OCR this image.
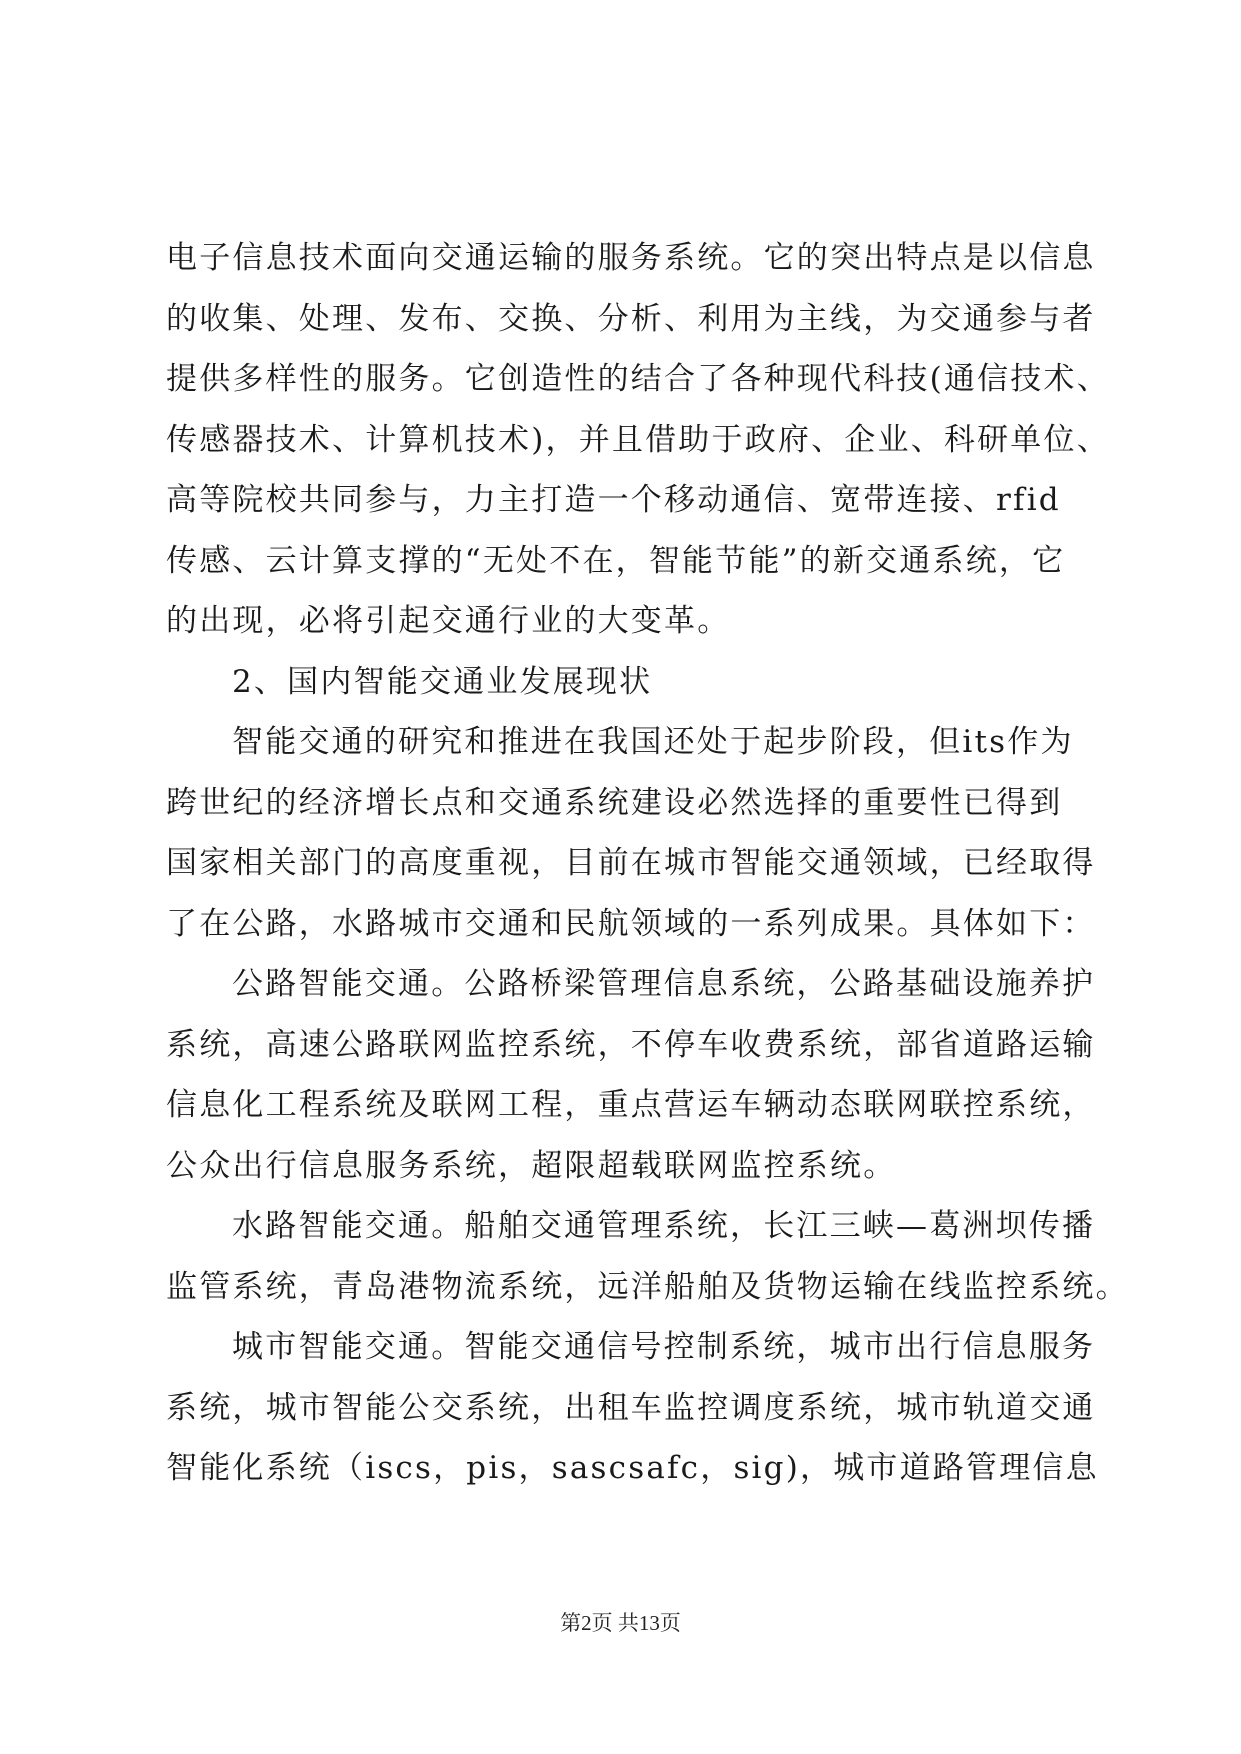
电子信息技术面向交通运输的服务系统。它的突出特点是以信息
的收集、处理、发布、交换、分析、利用为主线，为交通参与者
提供多样性的服务。它创造性的结合了各种现代科技(通信技术、
传感器技术、计算机技术)，并且借助于政府、企业、科研单位、
高等院校共同参与，力主打造一个移动通信、宽带连接、rfid
传感、云计算支撑的“无处不在，智能节能”的新交通系统，它
的出现，必将引起交通行业的大变革。
2、国内智能交通业发展现状
智能交通的研究和推进在我国还处于起步阶段，但its作为
跨世纪的经济增长点和交通系统建设必然选择的重要性已得到
国家相关部门的高度重视，目前在城市智能交通领域，已经取得
了在公路，水路城市交通和民航领域的一系列成果。具体如下：
公路智能交通。公路桥梁管理信息系统，公路基础设施养护
系统，高速公路联网监控系统，不停车收费系统，部省道路运输
信息化工程系统及联网工程，重点营运车辆动态联网联控系统，
公众出行信息服务系统，超限超载联网监控系统。
水路智能交通。船舶交通管理系统，长江三峡—葛洲坝传播
监管系统，青岛港物流系统，远洋船舶及货物运输在线监控系统。
城市智能交通。智能交通信号控制系统，城市出行信息服务
系统，城市智能公交系统，出租车监控调度系统，城市轨道交通
智能化系统（iscs，pis，sascsafc，sig)，城市道路管理信息
第2页 共13页
